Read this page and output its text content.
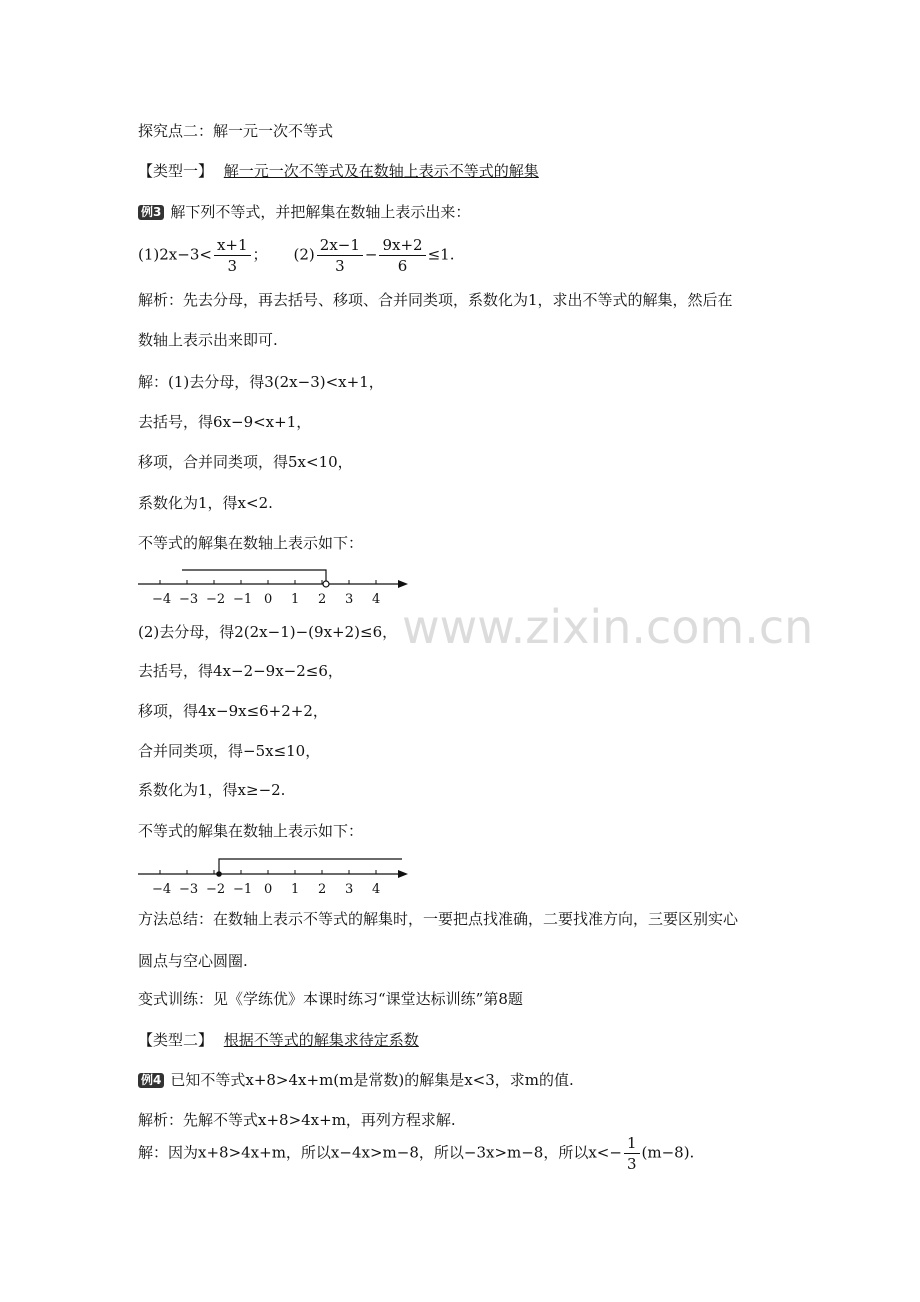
www.zixin.com.cn
探究点二：解一元一次不等式
【类型一】 解一元一次不等式及在数轴上表示不等式的解集
例3 解下列不等式，并把解集在数轴上表示出来：
$(1)2x-3< \frac{x+1}{3}$ ； $(2) \frac{2x-1}{3} - \frac{9x+2}{6} \le 1$.
解析：先去分母，再去括号、移项、合并同类项，系数化为1，求出不等式的解集，然后在
数轴上表示出来即可.
解：(1)去分母，得3(2x−3)<x+1，
去括号，得6x−9<x+1，
移项，合并同类项，得5x<10，
系数化为1，得x<2.
不等式的解集在数轴上表示如下：
−4 −3 −2 −1 0 1 2 3 4
(2)去分母，得2(2x−1)−(9x+2)≤6，
去括号，得4x−2−9x−2≤6，
移项，得4x−9x≤6+2+2，
合并同类项，得−5x≤10，
系数化为1，得x≥−2.
不等式的解集在数轴上表示如下：
−4 −3 −2 −1 0 1 2 3 4
方法总结：在数轴上表示不等式的解集时，一要把点找准确，二要找准方向，三要区别实心
圆点与空心圆圈.
变式训练：见《学练优》本课时练习“课堂达标训练”第8题
【类型二】 根据不等式的解集求待定系数
例4 已知不等式x+8>4x+m(m是常数)的解集是x<3，求m的值.
解析：先解不等式x+8>4x+m，再列方程求解.
解：因为x+8>4x+m，所以x−4x>m−8，所以−3x>m−8，所以$x<- \frac{1}{3} (m-8)$.
